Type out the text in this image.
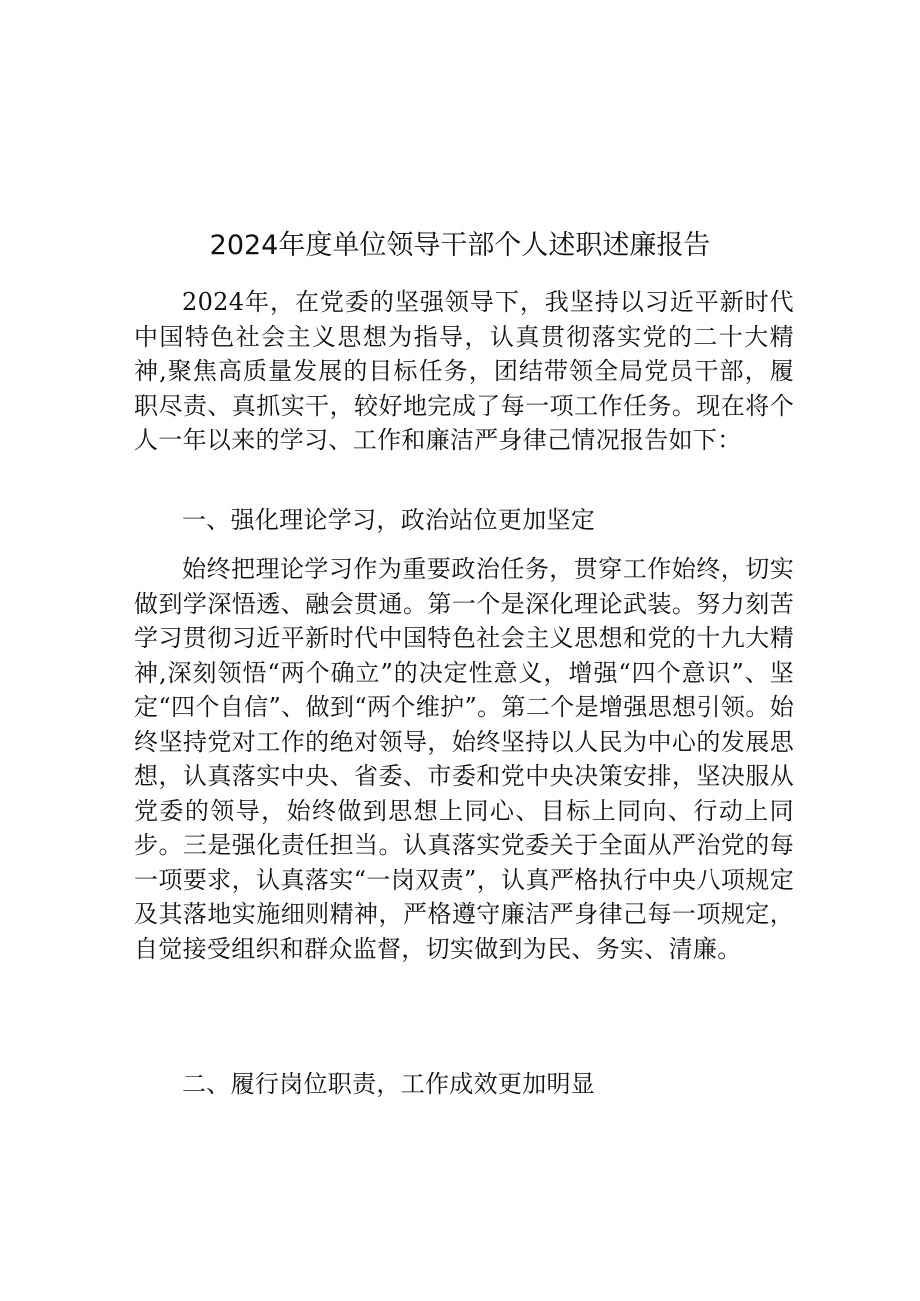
2024年度单位领导干部个人述职述廉报告

2024年，在党委的坚强领导下，我坚持以习近平新时代中国特色社会主义思想为指导，认真贯彻落实党的二十大精神,聚焦高质量发展的目标任务，团结带领全局党员干部，履职尽责、真抓实干，较好地完成了每一项工作任务。现在将个人一年以来的学习、工作和廉洁严身律己情况报告如下：

一、强化理论学习，政治站位更加坚定

始终把理论学习作为重要政治任务，贯穿工作始终，切实做到学深悟透、融会贯通。第一个是深化理论武装。努力刻苦学习贯彻习近平新时代中国特色社会主义思想和党的十九大精神,深刻领悟“两个确立”的决定性意义，增强“四个意识”、坚定“四个自信”、做到“两个维护”。第二个是增强思想引领。始终坚持党对工作的绝对领导，始终坚持以人民为中心的发展思想，认真落实中央、省委、市委和党中央决策安排，坚决服从党委的领导，始终做到思想上同心、目标上同向、行动上同步。三是强化责任担当。认真落实党委关于全面从严治党的每一项要求，认真落实“一岗双责”，认真严格执行中央八项规定及其落地实施细则精神，严格遵守廉洁严身律己每一项规定，自觉接受组织和群众监督，切实做到为民、务实、清廉。

二、履行岗位职责，工作成效更加明显
